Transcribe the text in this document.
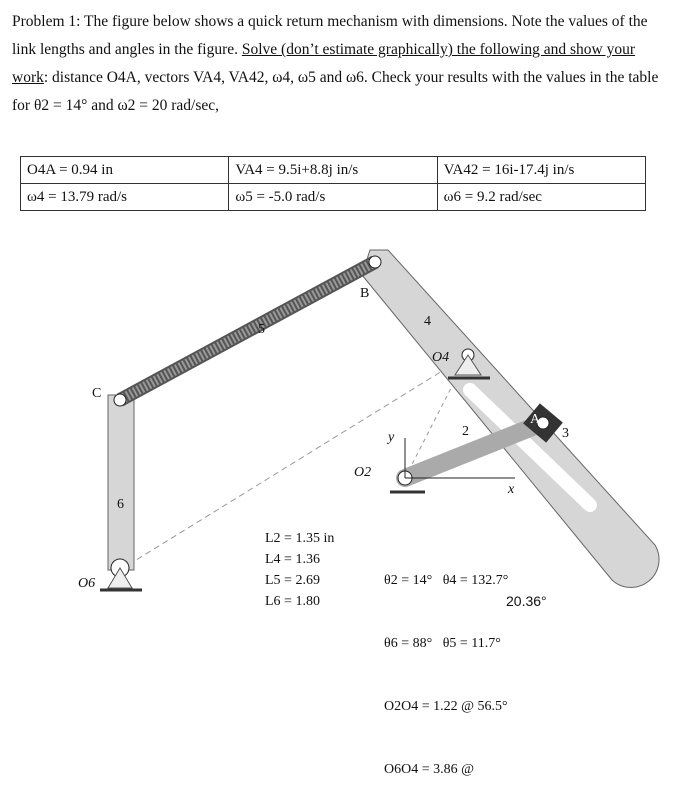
Problem 1: The figure below shows a quick return mechanism with dimensions. Note the values of the link lengths and angles in the figure. Solve (don’t estimate graphically) the following and show your work: distance O4A, vectors VA4, VA42, ω4, ω5 and ω6. Check your results with the values in the table for θ2 = 14° and ω2 = 20 rad/sec,
O4A = 0.94 in	VA4 = 9.5i+8.8j in/s	VA42 = 16i-17.4j in/s
ω4 = 13.79 rad/s	ω5 = -5.0 rad/s	ω6 = 9.2 rad/sec
C
B
4
O4
2
A
3
5
6
O6
O2
y
x
L2 = 1.35 in
L4 = 1.36
L5 = 2.69
L6 = 1.80

θ2 = 14°   θ4 = 132.7°

θ6 = 88°   θ5 = 11.7°

O2O4 = 1.22 @ 56.5°

O6O4 = 3.86 @

20.36°
